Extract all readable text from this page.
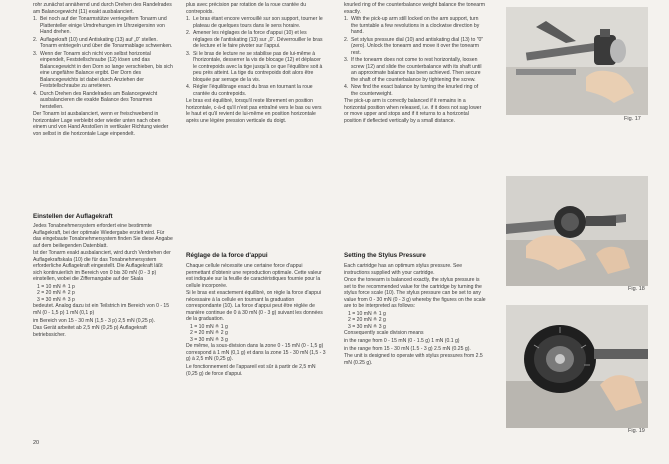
rohr zunächst annähernd und durch Drehen des Randelrades am Balancegewicht (11) exakt ausbalanciert.

1. Bei noch auf der Tonarmstütze verriegeltem Tonarm und Plattenteller einige Umdrehungen im Uhrzeigersinn von Hand drehen.
2. Auflagekraft (10) und Antiskating (13) auf „0“ stellen. Tonarm entriegeln und über die Tonarmablage schwenken.
3. Wenn der Tonarm sich nicht von selbst horizontal einpendelt, Feststellschraube (12) lösen und das Balancegewicht in den Dorn so lange verschieben, bis sich eine ungefähre Balance ergibt. Der Dorn des Balancegewichts ist dabei durch Anziehen der Feststellschraube zu arretieren.
4. Durch Drehen des Randelrades am Balancegewicht ausbalancieren die exakte Balance des Tonarmes herstellen.

Der Tonarm ist ausbalanciert, wenn er freischwebend in horizontaler Lage verbleibt oder wieder unten nach oben einem und von Hand Anstoßen in vertikaler Richtung wieder von selbst in die horizontale Lage einpendelt.

Einstellen der Auflagekraft

Jedes Tonabnehmersystem erfordert eine bestimmte Auflagekraft, bei der optimale Wiedergabe erzielt wird. Für das eingebaute Tonabnehmersystem finden Sie diese Angabe auf dem beiliegenden Datenblatt.

Ist der Tonarm exakt ausbalanciert, wird durch Verdrehen der Auflagekraftskala (10) die für das Tonabnehmersystem erforderliche Auflagekraft eingestellt. Die Auflagekraft läßt sich kontinuierlich im Bereich von 0 bis 30 mN (0 - 3 p) einstellen, wobei die Ziffernangabe auf der Skala

1 = 10 mN ≙ 1 p
2 = 20 mN ≙ 2 p
3 = 30 mN ≙ 3 p

bedeutet. Analog dazu ist ein Teilstrich im Bereich von 0 - 15 mN (0 - 1,5 p) 1 mN (0,1 p)

im Bereich von 15 - 30 mN (1,5 - 3 p) 2,5 mN (0,25 p).

Das Gerät arbeitet ab 2,5 mN (0,25 p) Auflagekraft betriebssicher.

20

plus avec précision par rotation de la roue crantée du contrepoids.

1. Le bras étant encore verrouillé sur son support, tourner le plateau de quelques tours dans le sens horaire.
2. Amener les réglages de la force d'appui (10) et les réglages de l'antiskating (13) sur „0“. Déverrouiller le bras de lecture et le faire pivoter sur l'appui.
3. Si le bras de lecture ne se stabilise pas de lui-même à l'horizontale, desserrer la vis de blocage (12) et déplacer le contrepoids avec la tige jusqu'à ce que l'équilibre soit à peu près atteint. La tige du contrepoids doit alors être bloquée par serrage de la vis.
4. Régler l'équilibrage exact du bras en tournant la roue crantée du contrepoids.

Le bras est équilibré, lorsqu'il reste librement en position horizontale, c-à-d qu'il n'est pas entraîné vers le bas ou vers le haut et qu'il revient de lui-même en position horizontale après une légère pression verticale du doigt.

Réglage de la force d'appui

Chaque cellule nécessite une certaine force d'appui permettant d'obtenir une reproduction optimale. Cette valeur est indiquée sur la feuille de caractéristiques fournie pour la cellule incorporée.

Si le bras est exactement équilibré, on règle la force d'appui nécessaire à la cellule en tournant la graduation correspondante (10). La force d'appui peut être réglée de manière continue de 0 à 30 mN (0 - 3 g) suivant les données de la graduation.

1 = 10 mN ≙ 1 g
2 = 20 mN ≙ 2 g
3 = 30 mN ≙ 3 g

De même, la sous-division dans la zone 0 - 15 mN (0 - 1,5 g) correspond à 1 mN (0,1 g) et dans la zone 15 - 30 mN (1,5 - 3 g) à 2,5 mN (0,25 g).

Le fonctionnement de l'appareil est sûr à partir de 2,5 mN (0,25 g) de force d'appui.

knurled ring of the counterbalance weight balance the tonearm exactly.

1. With the pick-up arm still locked on the arm support, turn the turntable a few revolutions in a clockwise direction by hand.
2. Set stylus pressure dial (10) and antiskating dial (13) to "0" (zero). Unlock the tonearm and move it over the tonearm rest.
3. If the tonearm does not come to rest horizontally, loosen screw (12) and slide the counterbalance with its shaft until an approximate balance has been achieved. Then secure the shaft of the counterbalance by tightening the screw.
4. Now find the exact balance by turning the knurled ring of the counterweight.

The pick-up arm is correctly balanced if it remains in a horizontal position when released, i.e. if it does not sag lower or move upper and stops and if it returns to a horizontal position if deflected vertically by a small distance.

Setting the Stylus Pressure

Each cartridge has an optimum stylus pressure. See instructions supplied with your cartridge.

Once the tonearm is balanced exactly, the stylus pressure is set to the recommended value for the cartridge by turning the stylus force scale (10). The stylus pressure can be set to any value from 0 - 30 mN (0 - 3 g) whereby the figures on the scale are to be interpreted as follows:

1 = 10 mN ≙ 1 g
2 = 20 mN ≙ 2 g
3 = 30 mN ≙ 3 g

Consequently scale division means

in the range from 0 - 15 mN (0 - 1.5 g) 1 mN (0.1 g)

in the range from 15 - 30 mN (1.5 - 3 g) 2.5 mN (0.25 g).

The unit is designed to operate with stylus pressures from 2.5 mN (0.25 g).

Fig. 17
Fig. 18
Fig. 19
